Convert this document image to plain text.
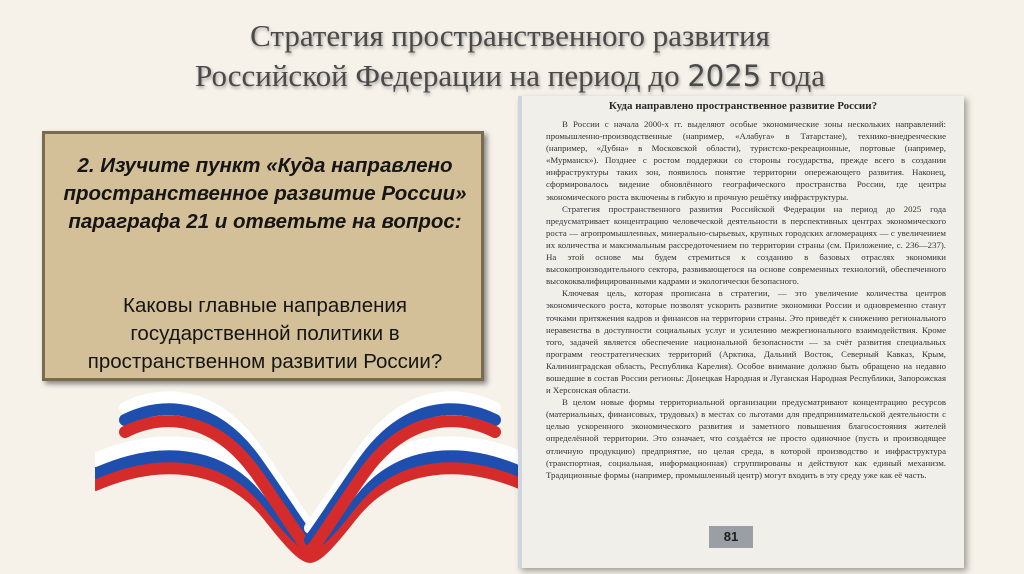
Стратегия пространственного развития
Российской Федерации на период до 2025 года
2. Изучите пункт «Куда направлено пространственное развитие России» параграфа 21 и ответьте на вопрос:
Каковы главные направления государственной политики в пространственном развитии России?
Куда направлено пространственное развитие России?

В России с начала 2000-х гг. выделяют особые экономические зоны нескольких направлений: промышленно-производственные (например, «Алабуга» в Татарстане), технико-внедренческие (например, «Дубна» в Московской области), туристско-рекреационные, портовые (например, «Мурманск»). Позднее с ростом поддержки со стороны государства, прежде всего в создании инфраструктуры таких зон, появилось понятие территории опережающего развития. Наконец, сформировалось видение обновлённого географического пространства России, где центры экономического роста включены в гибкую и прочную решётку инфраструктуры.

Стратегия пространственного развития Российской Федерации на период до 2025 года предусматривает концентрацию человеческой деятельности в перспективных центрах экономического роста — агропромышленных, минерально-сырьевых, крупных городских агломерациях — с увеличением их количества и максимальным рассредоточением по территории страны (см. Приложение, с. 236—237). На этой основе мы будем стремиться к созданию в базовых отраслях экономики высокопроизводительного сектора, развивающегося на основе современных технологий, обеспеченного высококвалифицированными кадрами и экологически безопасного.

Ключевая цель, которая прописана в стратегии, — это увеличение количества центров экономического роста, которые позволят ускорить развитие экономики России и одновременно станут точками притяжения кадров и финансов на территории страны. Это приведёт к снижению регионального неравенства в доступности социальных услуг и усилению межрегионального взаимодействия. Кроме того, задачей является обеспечение национальной безопасности — за счёт развития специальных программ геостратегических территорий (Арктика, Дальний Восток, Северный Кавказ, Крым, Калининградская область, Республика Карелия). Особое внимание должно быть обращено на недавно вошедшие в состав России регионы: Донецкая Народная и Луганская Народная Республики, Запорожская и Херсонская области.

В целом новые формы территориальной организации предусматривают концентрацию ресурсов (материальных, финансовых, трудовых) в местах со льготами для предпринимательской деятельности с целью ускоренного экономического развития и заметного повышения благосостояния жителей определённой территории. Это означает, что создаётся не просто одиночное (пусть и производящее отличную продукцию) предприятие, но целая среда, в которой производство и инфраструктура (транспортная, социальная, информационная) сгруппированы и действуют как единый механизм. Традиционные формы (например, промышленный центр) могут входить в эту среду уже как её часть.

81
